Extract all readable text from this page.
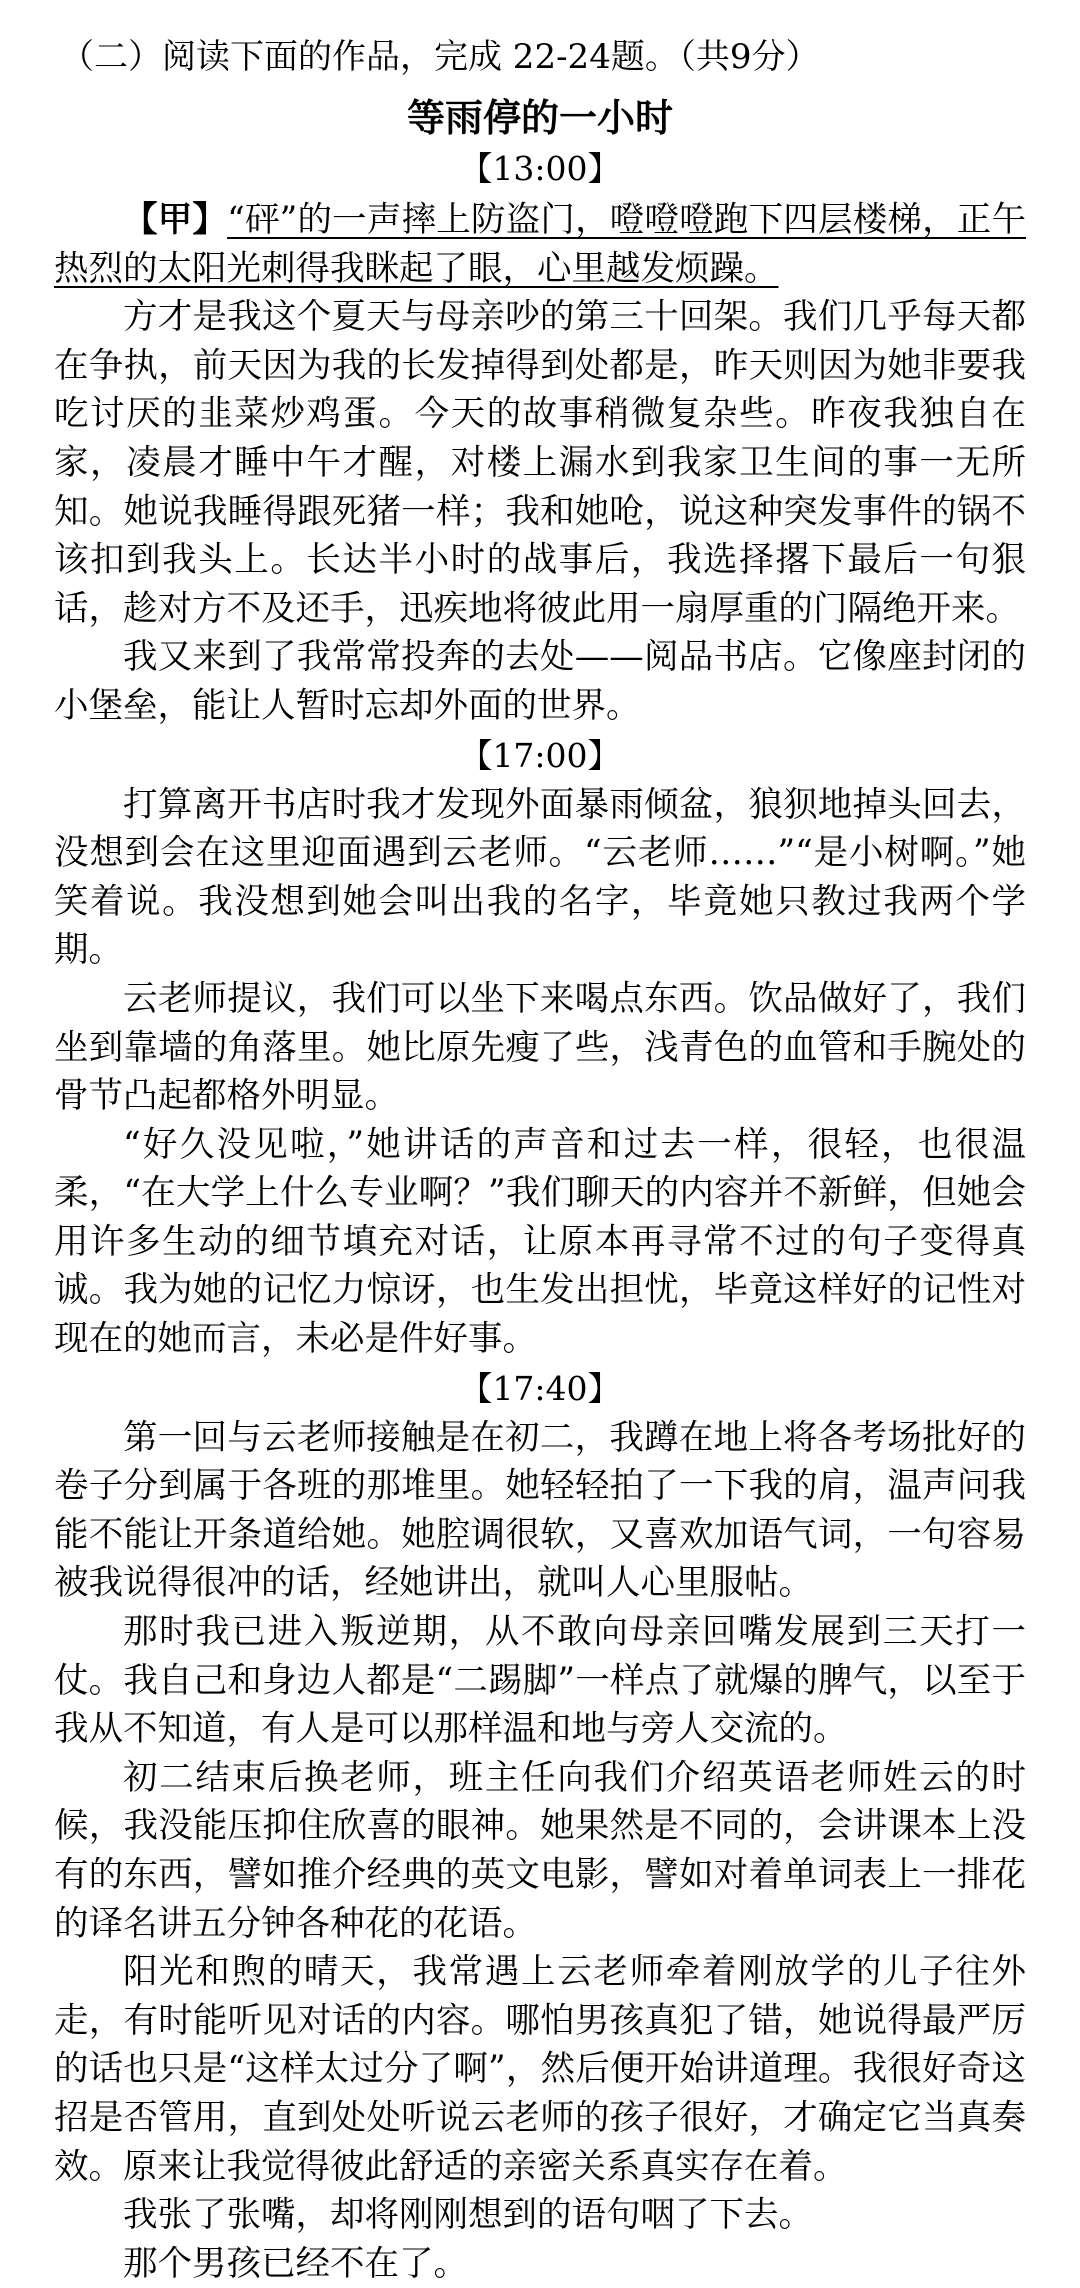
（二）阅读下面的作品，完成 22-24题。（共9分）
等雨停的一小时
【13:00】

【甲】“砰”的一声摔上防盗门，噔噔噔跑下四层楼梯，正午热烈的太阳光刺得我眯起了眼，心里越发烦躁。

方才是我这个夏天与母亲吵的第三十回架。我们几乎每天都在争执，前天因为我的长发掉得到处都是，昨天则因为她非要我吃讨厌的韭菜炒鸡蛋。今天的故事稍微复杂些。昨夜我独自在家，凌晨才睡中午才醒，对楼上漏水到我家卫生间的事一无所知。她说我睡得跟死猪一样；我和她呛，说这种突发事件的锅不该扣到我头上。长达半小时的战事后，我选择撂下最后一句狠话，趁对方不及还手，迅疾地将彼此用一扇厚重的门隔绝开来。

我又来到了我常常投奔的去处——阅品书店。它像座封闭的小堡垒，能让人暂时忘却外面的世界。

【17:00】

打算离开书店时我才发现外面暴雨倾盆，狼狈地掉头回去，没想到会在这里迎面遇到云老师。“云老师……”“是小树啊。”她笑着说。我没想到她会叫出我的名字，毕竟她只教过我两个学期。

云老师提议，我们可以坐下来喝点东西。饮品做好了，我们坐到靠墙的角落里。她比原先瘦了些，浅青色的血管和手腕处的骨节凸起都格外明显。

“好久没见啦，”她讲话的声音和过去一样，很轻，也很温柔，“在大学上什么专业啊？”我们聊天的内容并不新鲜，但她会用许多生动的细节填充对话，让原本再寻常不过的句子变得真诚。我为她的记忆力惊讶，也生发出担忧，毕竟这样好的记性对现在的她而言，未必是件好事。

【17:40】

第一回与云老师接触是在初二，我蹲在地上将各考场批好的卷子分到属于各班的那堆里。她轻轻拍了一下我的肩，温声问我能不能让开条道给她。她腔调很软，又喜欢加语气词，一句容易被我说得很冲的话，经她讲出，就叫人心里服帖。

那时我已进入叛逆期，从不敢向母亲回嘴发展到三天打一仗。我自己和身边人都是“二踢脚”一样点了就爆的脾气，以至于我从不知道，有人是可以那样温和地与旁人交流的。

初二结束后换老师，班主任向我们介绍英语老师姓云的时候，我没能压抑住欣喜的眼神。她果然是不同的，会讲课本上没有的东西，譬如推介经典的英文电影，譬如对着单词表上一排花的译名讲五分钟各种花的花语。

阳光和煦的晴天，我常遇上云老师牵着刚放学的儿子往外走，有时能听见对话的内容。哪怕男孩真犯了错，她说得最严厉的话也只是“这样太过分了啊”，然后便开始讲道理。我很好奇这招是否管用，直到处处听说云老师的孩子很好，才确定它当真奏效。原来让我觉得彼此舒适的亲密关系真实存在着。

我张了张嘴，却将刚刚想到的语句咽了下去。

那个男孩已经不在了。
